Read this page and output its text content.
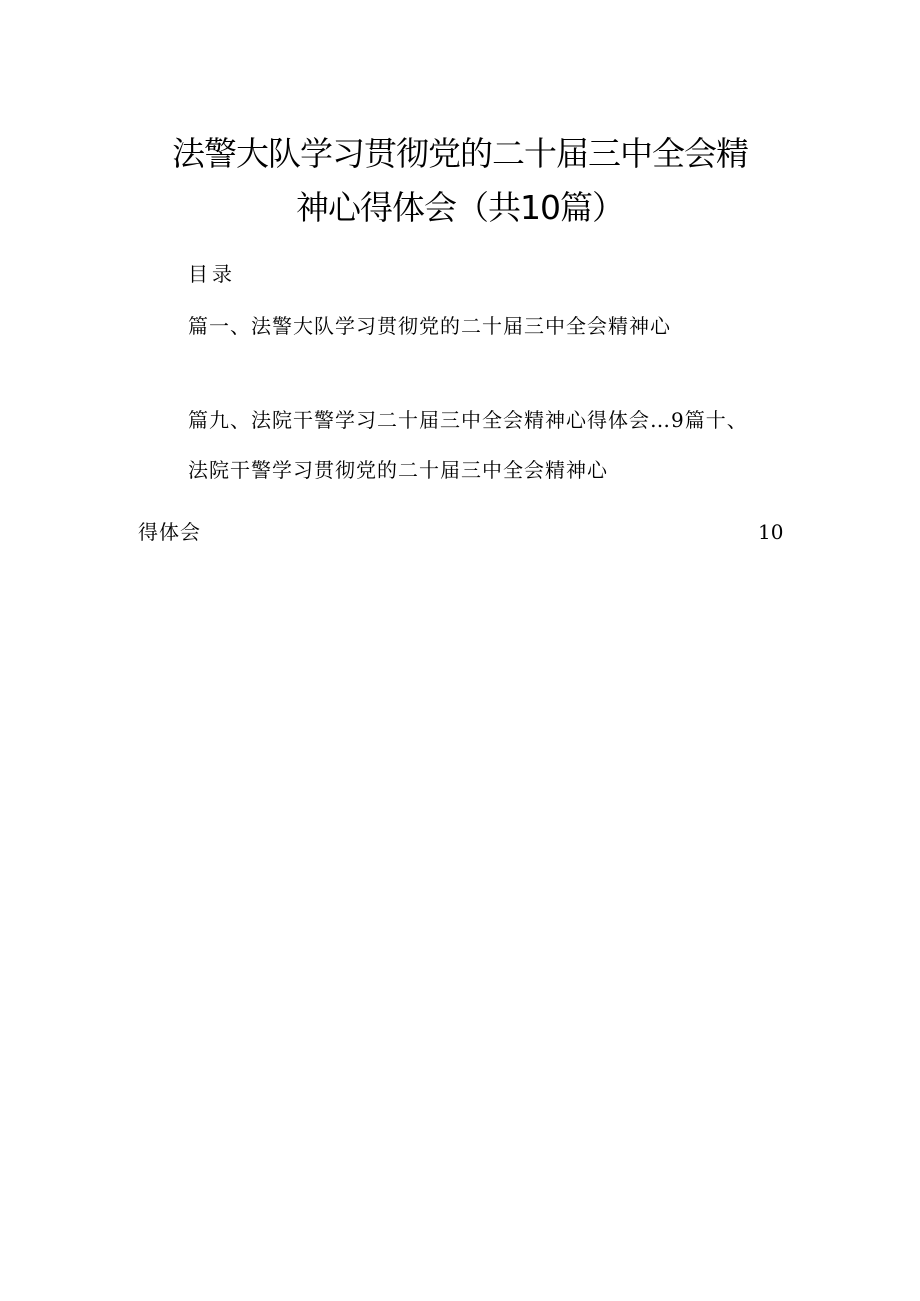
法警大队学习贯彻党的二十届三中全会精
神心得体会（共10篇）
目录
篇一、法警大队学习贯彻党的二十届三中全会精神心
篇九、法院干警学习二十届三中全会精神心得体会…9篇十、
法院干警学习贯彻党的二十届三中全会精神心
得体会	10
